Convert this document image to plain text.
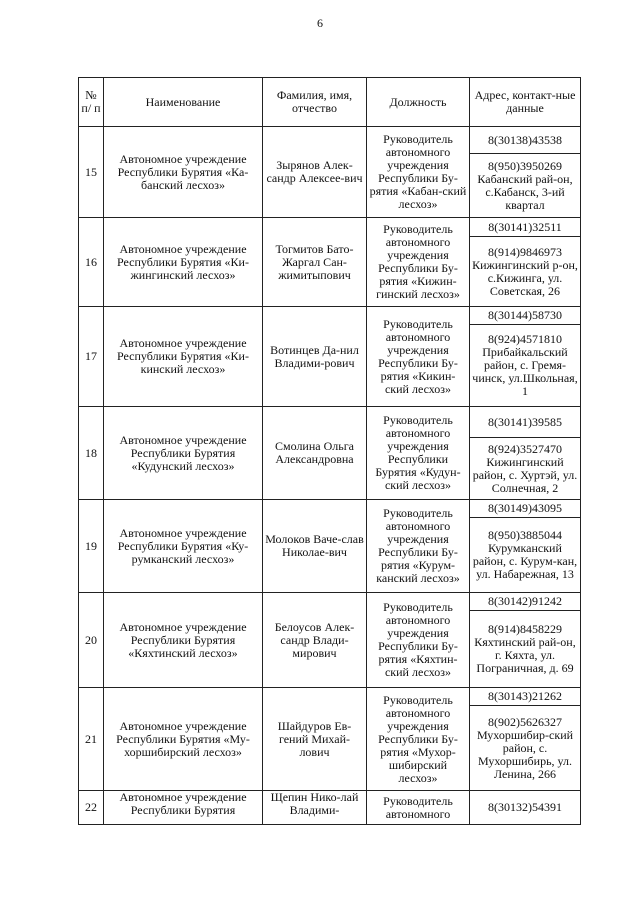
6
№ п/ п	Наименование	Фамилия, имя, отчество	Должность	Адрес, контакт-ные данные
15	Автономное учреждение Республики Бурятия «Ка-банский лесхоз»	Зырянов Алек-сандр Алексее-вич	Руководитель автономного учреждения Республики Бу-рятия «Кабан-ский лесхоз»	8(30138)43538
				8(950)3950269 Кабанский рай-он, с.Кабанск, 3-ий квартал
16	Автономное учреждение Республики Бурятия «Ки-жингинский лесхоз»	Тогмитов Бато-Жаргал Сан-жимитыпович	Руководитель автономного учреждения Республики Бу-рятия «Кижин-гинский лесхоз»	8(30141)32511
				8(914)9846973 Кижингинский р-он, с.Кижинга, ул. Советская, 26
17	Автономное учреждение Республики Бурятия «Ки-кинский лесхоз»	Вотинцев Да-нил Владими-рович	Руководитель автономного учреждения Республики Бу-рятия «Кикин-ский лесхоз»	8(30144)58730
				8(924)4571810 Прибайкальский район, с. Гремя-чинск, ул.Школьная, 1
18	Автономное учреждение Республики Бурятия «Кудунский лесхоз»	Смолина Ольга Александровна	Руководитель автономного учреждения Республики Бурятия «Кудун-ский лесхоз»	8(30141)39585
				8(924)3527470 Кижингинский район, с. Хуртэй, ул. Солнечная, 2
19	Автономное учреждение Республики Бурятия «Ку-румканский лесхоз»	Молоков Ваче-слав Николае-вич	Руководитель автономного учреждения Республики Бу-рятия «Курум-канский лесхоз»	8(30149)43095
				8(950)3885044 Курумканский район, с. Курум-кан, ул. Набарежная, 13
20	Автономное учреждение Республики Бурятия «Кяхтинский лесхоз»	Белоусов Алек-сандр Влади-мирович	Руководитель автономного учреждения Республики Бу-рятия «Кяхтин-ский лесхоз»	8(30142)91242
				8(914)8458229 Кяхтинский рай-он, г. Кяхта, ул. Пограничная, д. 69
21	Автономное учреждение Республики Бурятия «Му-хоршибирский лесхоз»	Шайдуров Ев-гений Михай-лович	Руководитель автономного учреждения Республики Бу-рятия «Мухор-шибирский лесхоз»	8(30143)21262
				8(902)5626327 Мухоршибир-ский район, с. Мухоршибирь, ул. Ленина, 266
22	Автономное учреждение Республики Бурятия	Щепин Нико-лай Владими-	Руководитель автономного	8(30132)54391
